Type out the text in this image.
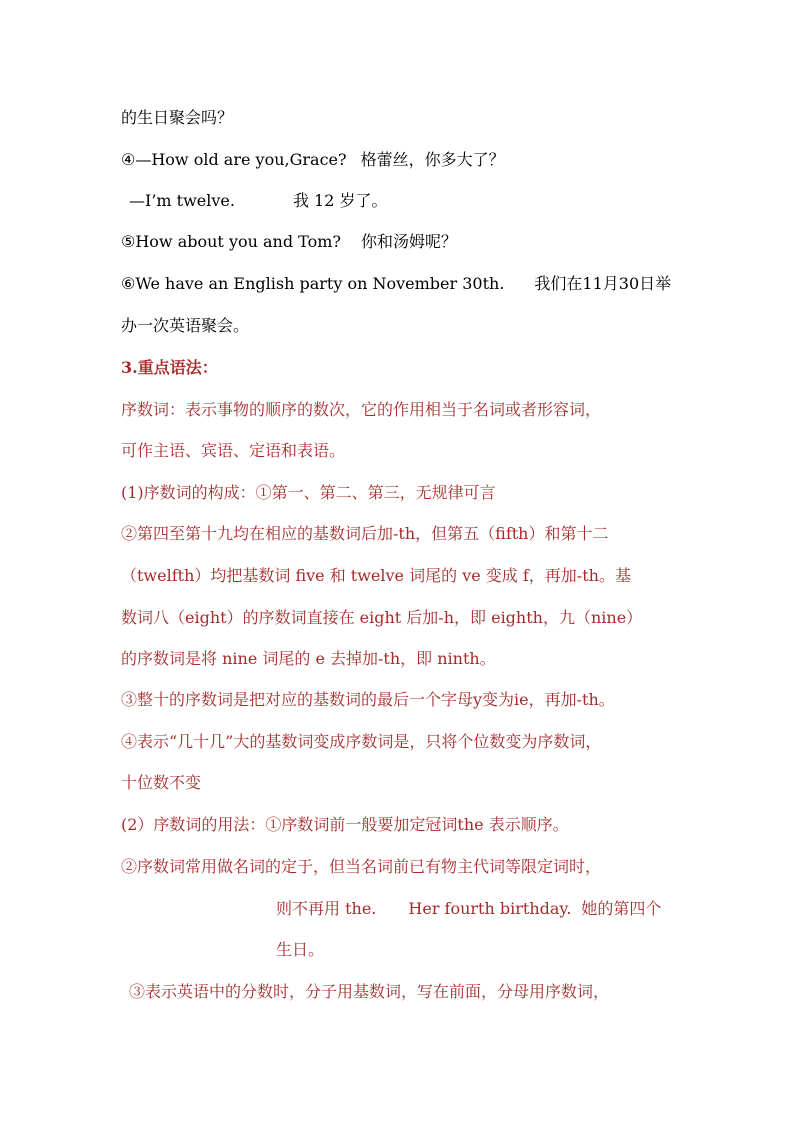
的生日聚会吗？
④—How old are you,Grace? 格蕾丝，你多大了？
—I’m twelve.	我 12 岁了。
⑤How about you and Tom? 你和汤姆呢？
⑥We have an English party on November 30th. 我们在11月30日举
办一次英语聚会。
3.重点语法：
序数词：表示事物的顺序的数次，它的作用相当于名词或者形容词，
可作主语、宾语、定语和表语。
(1)序数词的构成：①第一、第二、第三，无规律可言
②第四至第十九均在相应的基数词后加-th，但第五（fifth）和第十二
（twelfth）均把基数词 five 和 twelve 词尾的 ve 变成 f，再加-th。基
数词八（eight）的序数词直接在 eight 后加-h，即 eighth，九（nine）
的序数词是将 nine 词尾的 e 去掉加-th，即 ninth。
③整十的序数词是把对应的基数词的最后一个字母y变为ie，再加-th。
④表示“几十几”大的基数词变成序数词是，只将个位数变为序数词，
十位数不变
(2）序数词的用法：①序数词前一般要加定冠词the 表示顺序。
②序数词常用做名词的定于，但当名词前已有物主代词等限定词时，
则不再用 the. Her fourth birthday. 她的第四个
生日。
③表示英语中的分数时，分子用基数词，写在前面，分母用序数词，
